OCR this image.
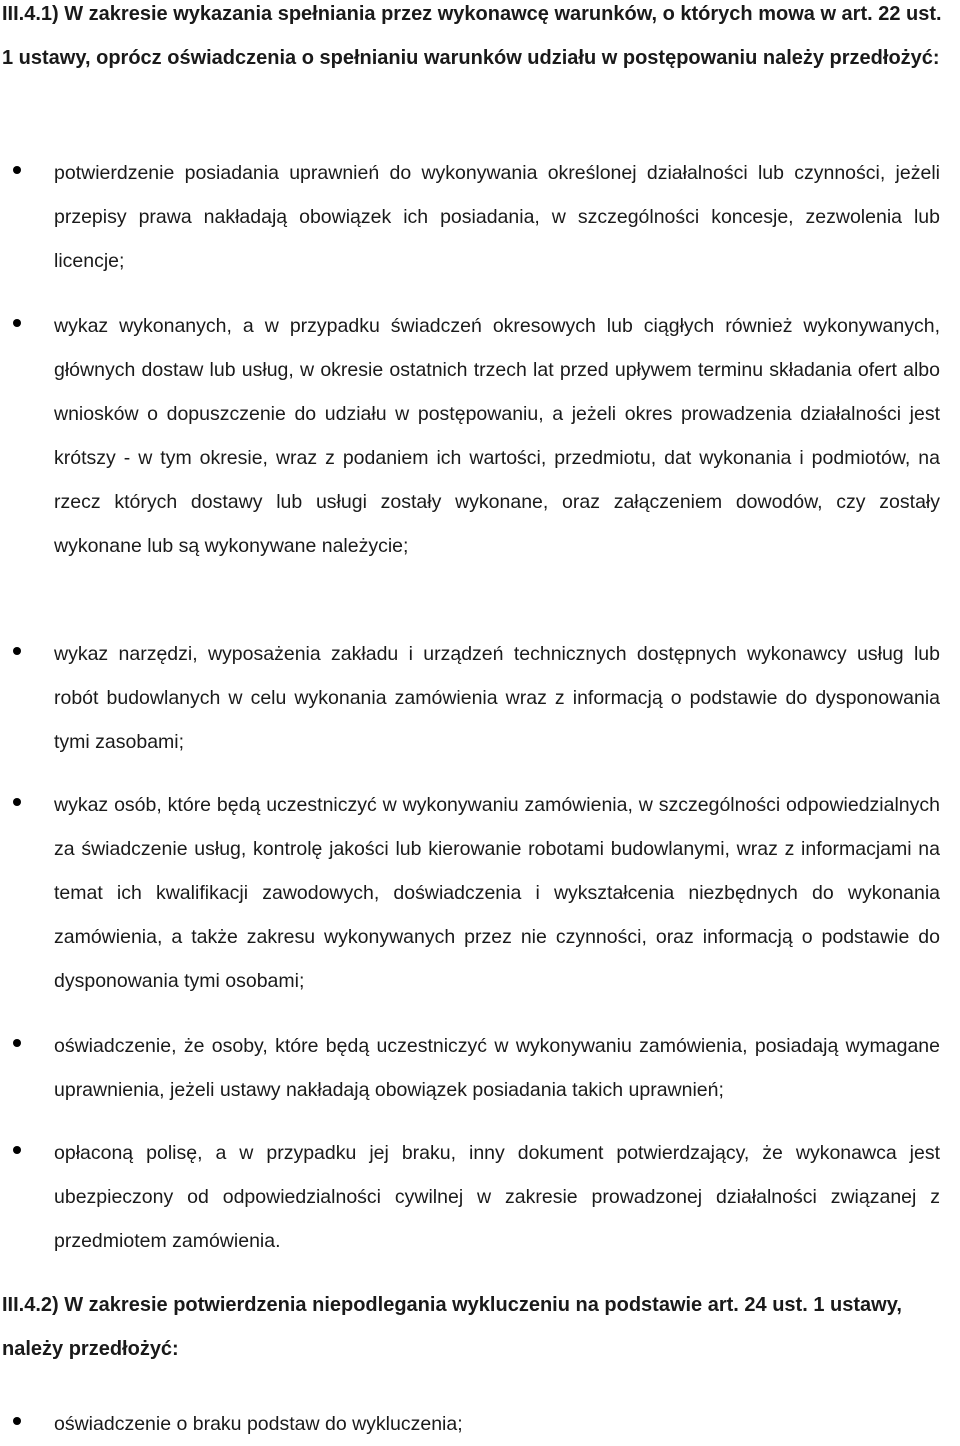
III.4.1) W zakresie wykazania spełniania przez wykonawcę warunków, o których mowa w art. 22 ust. 1 ustawy, oprócz oświadczenia o spełnianiu warunków udziału w postępowaniu należy przedłożyć:

potwierdzenie posiadania uprawnień do wykonywania określonej działalności lub czynności, jeżeli przepisy prawa nakładają obowiązek ich posiadania, w szczególności koncesje, zezwolenia lub licencje;

wykaz wykonanych, a w przypadku świadczeń okresowych lub ciągłych również wykonywanych, głównych dostaw lub usług, w okresie ostatnich trzech lat przed upływem terminu składania ofert albo wniosków o dopuszczenie do udziału w postępowaniu, a jeżeli okres prowadzenia działalności jest krótszy - w tym okresie, wraz z podaniem ich wartości, przedmiotu, dat wykonania i podmiotów, na rzecz których dostawy lub usługi zostały wykonane, oraz załączeniem dowodów, czy zostały wykonane lub są wykonywane należycie;

wykaz narzędzi, wyposażenia zakładu i urządzeń technicznych dostępnych wykonawcy usług lub robót budowlanych w celu wykonania zamówienia wraz z informacją o podstawie do dysponowania tymi zasobami;

wykaz osób, które będą uczestniczyć w wykonywaniu zamówienia, w szczególności odpowiedzialnych za świadczenie usług, kontrolę jakości lub kierowanie robotami budowlanymi, wraz z informacjami na temat ich kwalifikacji zawodowych, doświadczenia i wykształcenia niezbędnych do wykonania zamówienia, a także zakresu wykonywanych przez nie czynności, oraz informacją o podstawie do dysponowania tymi osobami;

oświadczenie, że osoby, które będą uczestniczyć w wykonywaniu zamówienia, posiadają wymagane uprawnienia, jeżeli ustawy nakładają obowiązek posiadania takich uprawnień;

opłaconą polisę, a w przypadku jej braku, inny dokument potwierdzający, że wykonawca jest ubezpieczony od odpowiedzialności cywilnej w zakresie prowadzonej działalności związanej z przedmiotem zamówienia.

III.4.2) W zakresie potwierdzenia niepodlegania wykluczeniu na podstawie art. 24 ust. 1 ustawy, należy przedłożyć:

oświadczenie o braku podstaw do wykluczenia;
